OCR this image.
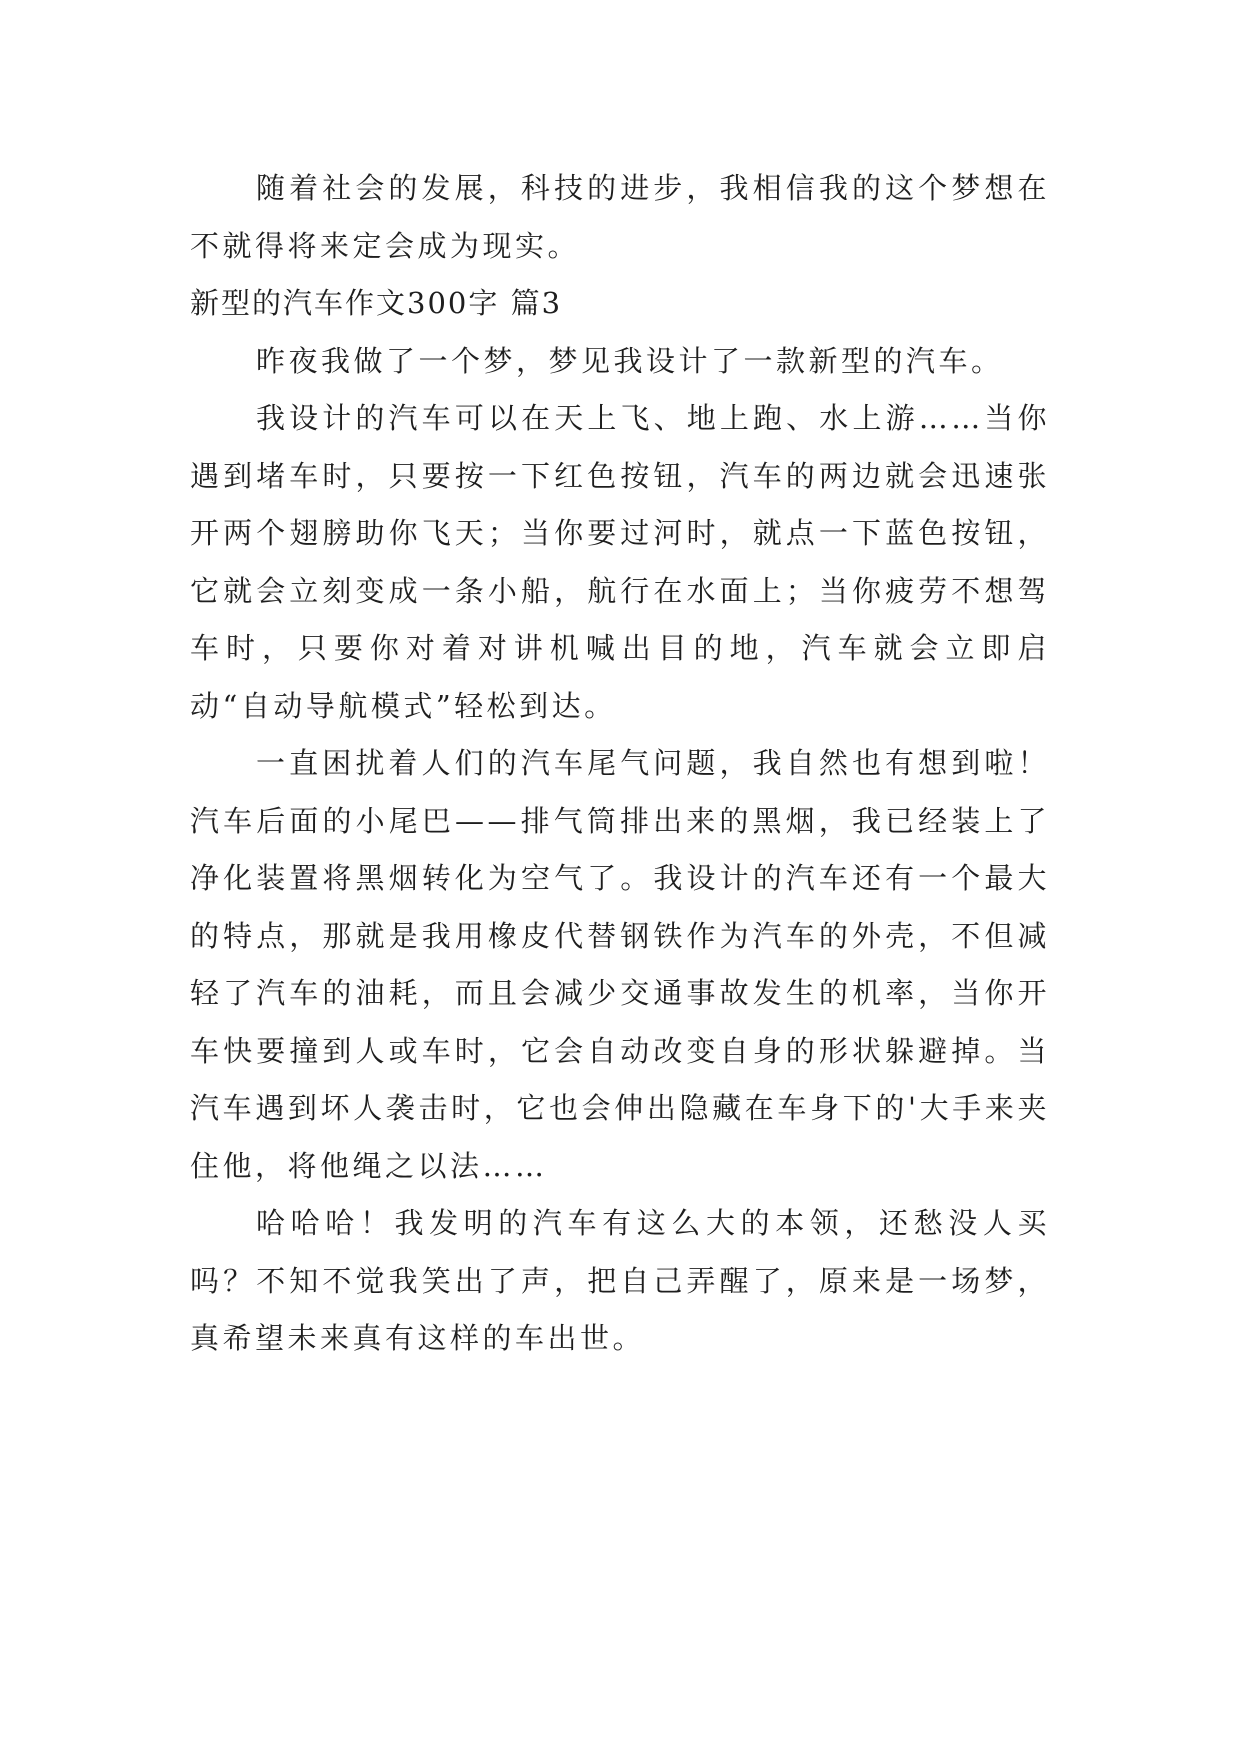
随着社会的发展，科技的进步，我相信我的这个梦想在不就得将来定会成为现实。

新型的汽车作文300字 篇3

昨夜我做了一个梦，梦见我设计了一款新型的汽车。

我设计的汽车可以在天上飞、地上跑、水上游……当你遇到堵车时，只要按一下红色按钮，汽车的两边就会迅速张开两个翅膀助你飞天；当你要过河时，就点一下蓝色按钮，它就会立刻变成一条小船，航行在水面上；当你疲劳不想驾车时，只要你对着对讲机喊出目的地，汽车就会立即启动“自动导航模式”轻松到达。

一直困扰着人们的汽车尾气问题，我自然也有想到啦！汽车后面的小尾巴——排气筒排出来的黑烟，我已经装上了净化装置将黑烟转化为空气了。我设计的汽车还有一个最大的特点，那就是我用橡皮代替钢铁作为汽车的外壳，不但减轻了汽车的油耗，而且会减少交通事故发生的机率，当你开车快要撞到人或车时，它会自动改变自身的形状躲避掉。当汽车遇到坏人袭击时，它也会伸出隐藏在车身下的'大手来夹住他，将他绳之以法……

哈哈哈！我发明的汽车有这么大的本领，还愁没人买吗？不知不觉我笑出了声，把自己弄醒了，原来是一场梦，真希望未来真有这样的车出世。
